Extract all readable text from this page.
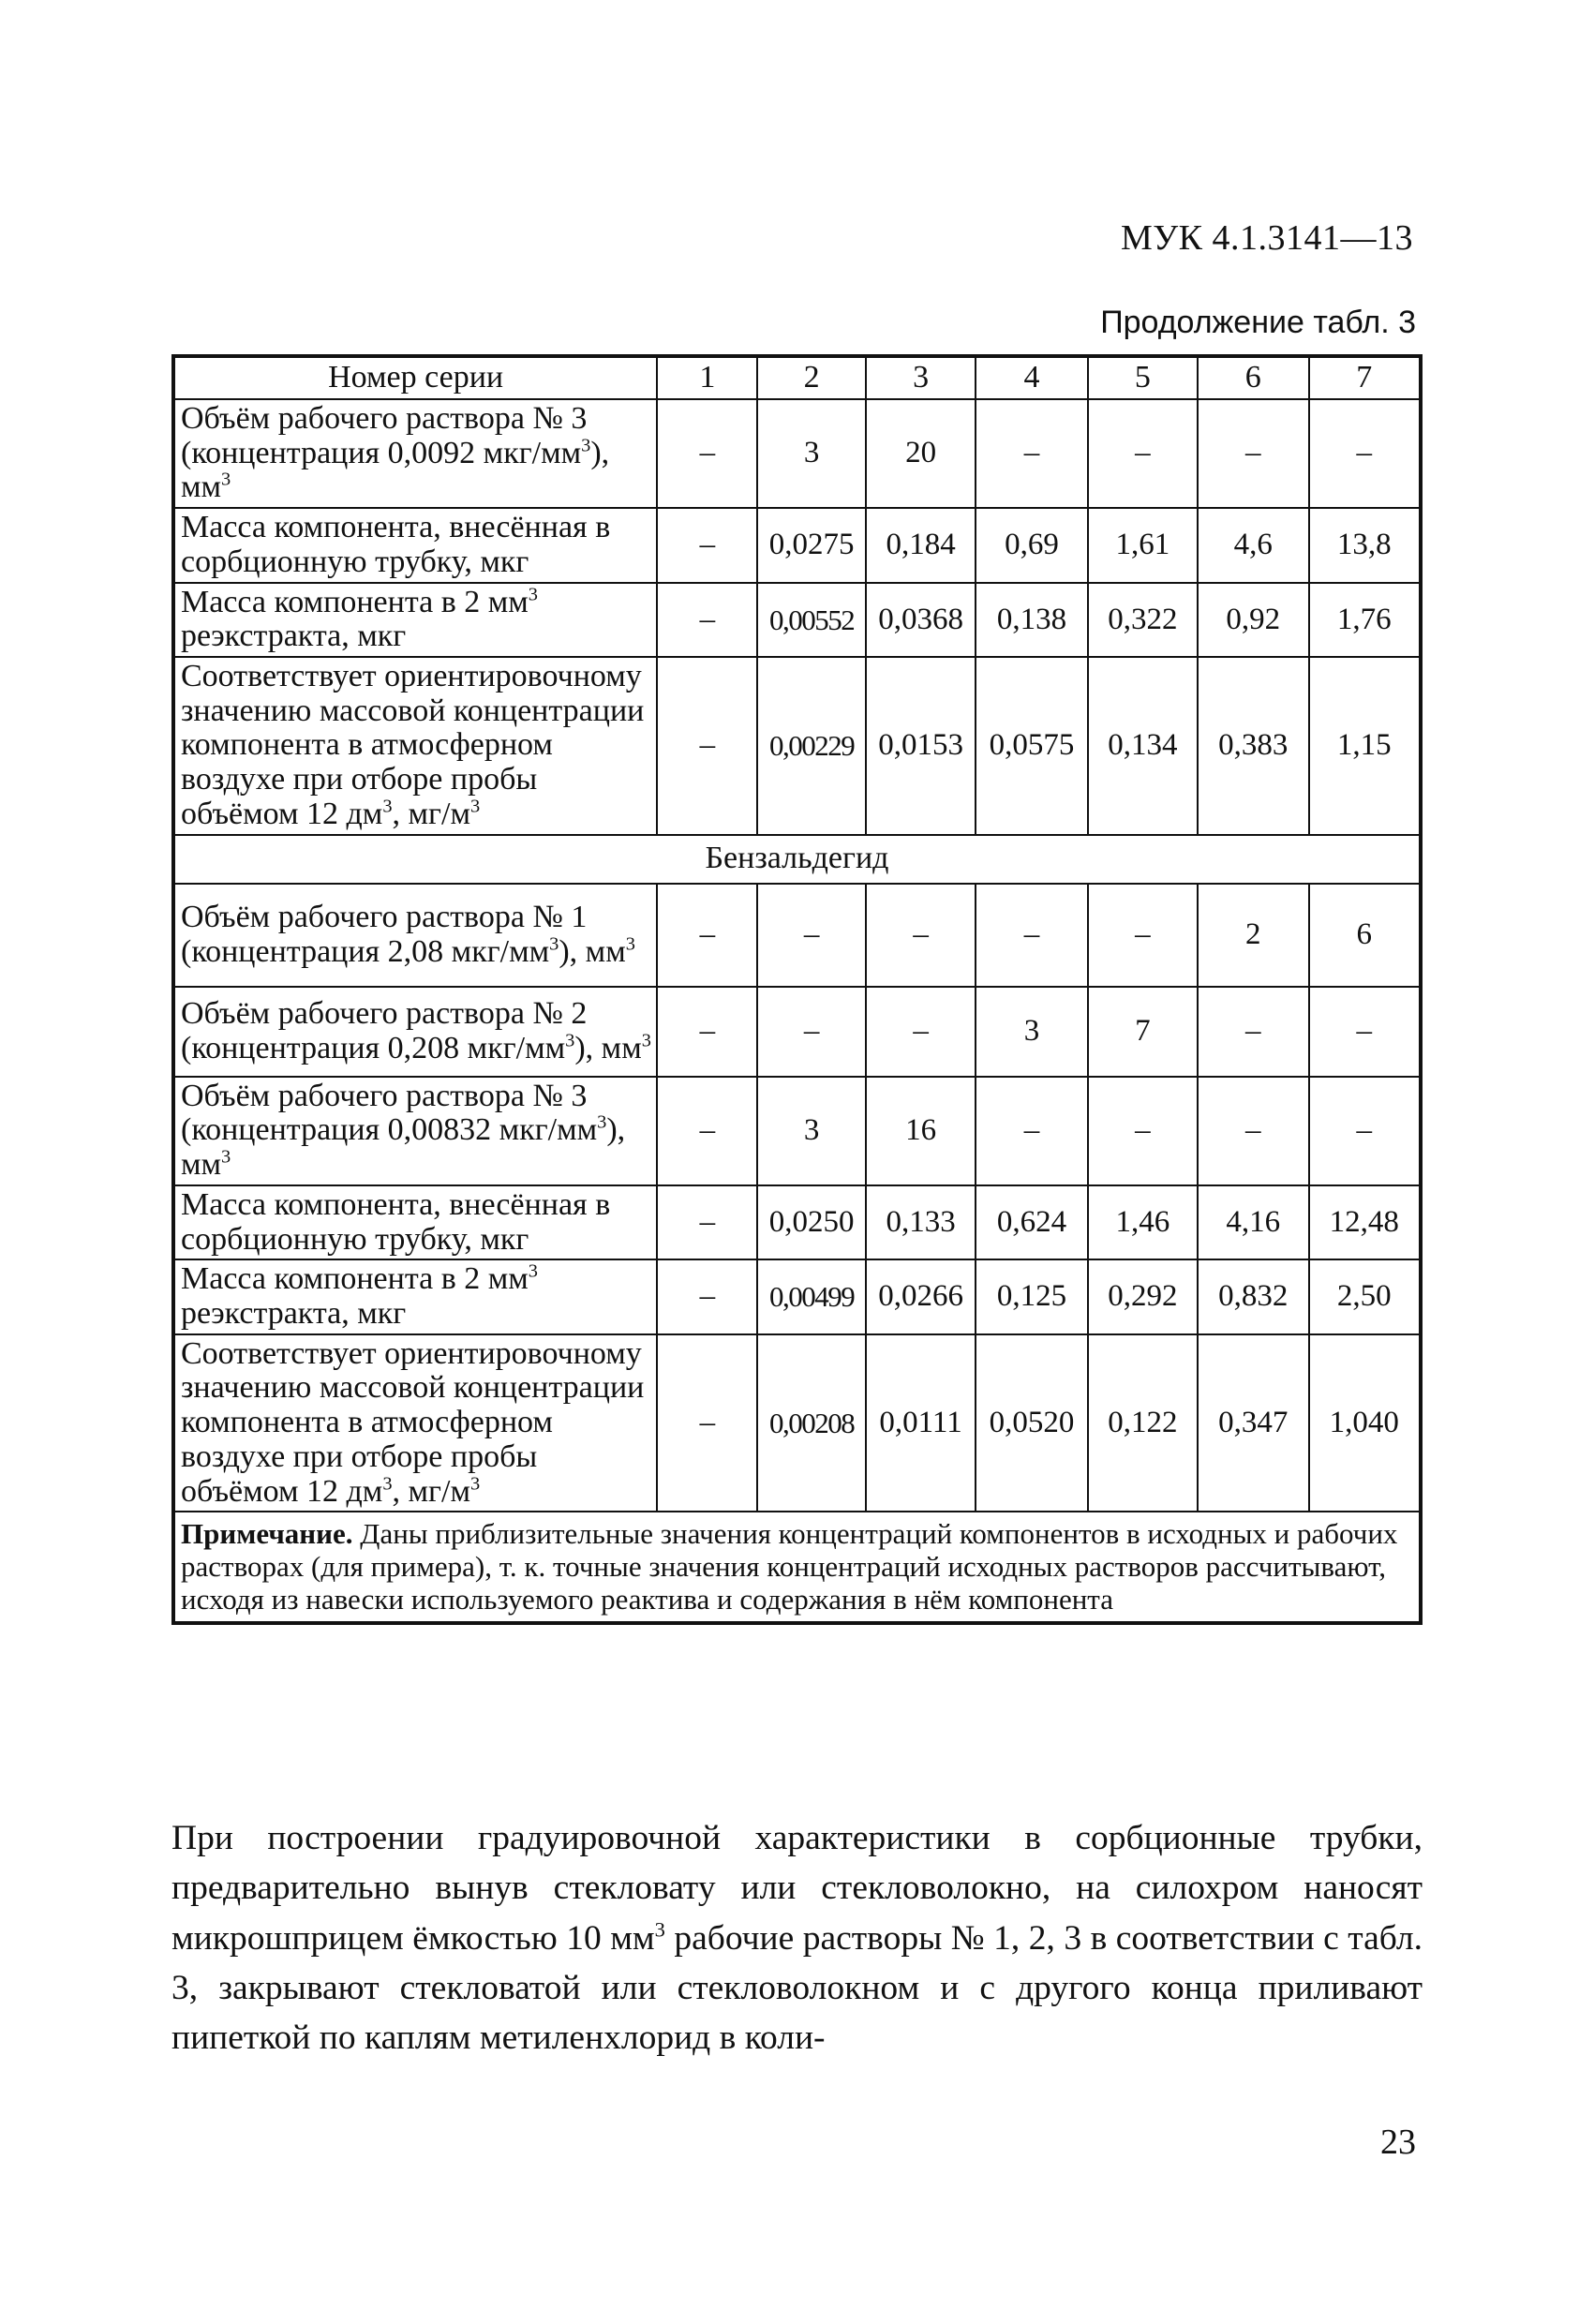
МУК 4.1.3141—13
Продолжение табл. 3
Номер серии	1	2	3	4	5	6	7
Объём рабочего раствора № 3 (концентрация 0,0092 мкг/$мм^3$), $мм^3$	–	3	20	–	–	–	–
Масса компонента, внесённая в сорбционную трубку, мкг	–	0,0275	0,184	0,69	1,61	4,6	13,8
Масса компонента в 2 $мм^3$ реэкстракта, мкг	–	0,00552	0,0368	0,138	0,322	0,92	1,76
Соответствует ориентировочному значению массовой концентрации компонента в атмосферном воздухе при отборе пробы объёмом 12 $дм^3$, $мг/м^3$	–	0,00229	0,0153	0,0575	0,134	0,383	1,15
Бензальдегид							
Объём рабочего раствора № 1 (концентрация 2,08 мкг/$мм^3$), $мм^3$	–	–	–	–	–	2	6
Объём рабочего раствора № 2 (концентрация 0,208 мкг/$мм^3$), $мм^3$	–	–	–	3	7	–	–
Объём рабочего раствора № 3 (концентрация 0,00832 мкг/$мм^3$), $мм^3$	–	3	16	–	–	–	–
Масса компонента, внесённая в сорбционную трубку, мкг	–	0,0250	0,133	0,624	1,46	4,16	12,48
Масса компонента в 2 $мм^3$ реэкстракта, мкг	–	0,00499	0,0266	0,125	0,292	0,832	2,50
Соответствует ориентировочному значению массовой концентрации компонента в атмосферном воздухе при отборе пробы объёмом 12 $дм^3$, $мг/м^3$	–	0,00208	0,0111	0,0520	0,122	0,347	1,040
Примечание. Даны приблизительные значения концентраций компонентов в исходных и рабочих растворах (для примера), т. к. точные значения концентраций исходных растворов рассчитывают, исходя из навески используемого реактива и содержания в нём компонента							
При построении градуировочной характеристики в сорбционные трубки, предварительно вынув стекловату или стекловолокно, на силохром наносят микрошприцем ёмкостью 10 $мм^3$ рабочие растворы № 1, 2, 3 в соответствии с табл. 3, закрывают стекловатой или стекловолокном и с другого конца приливают пипеткой по каплям метиленхлорид в коли-
23
